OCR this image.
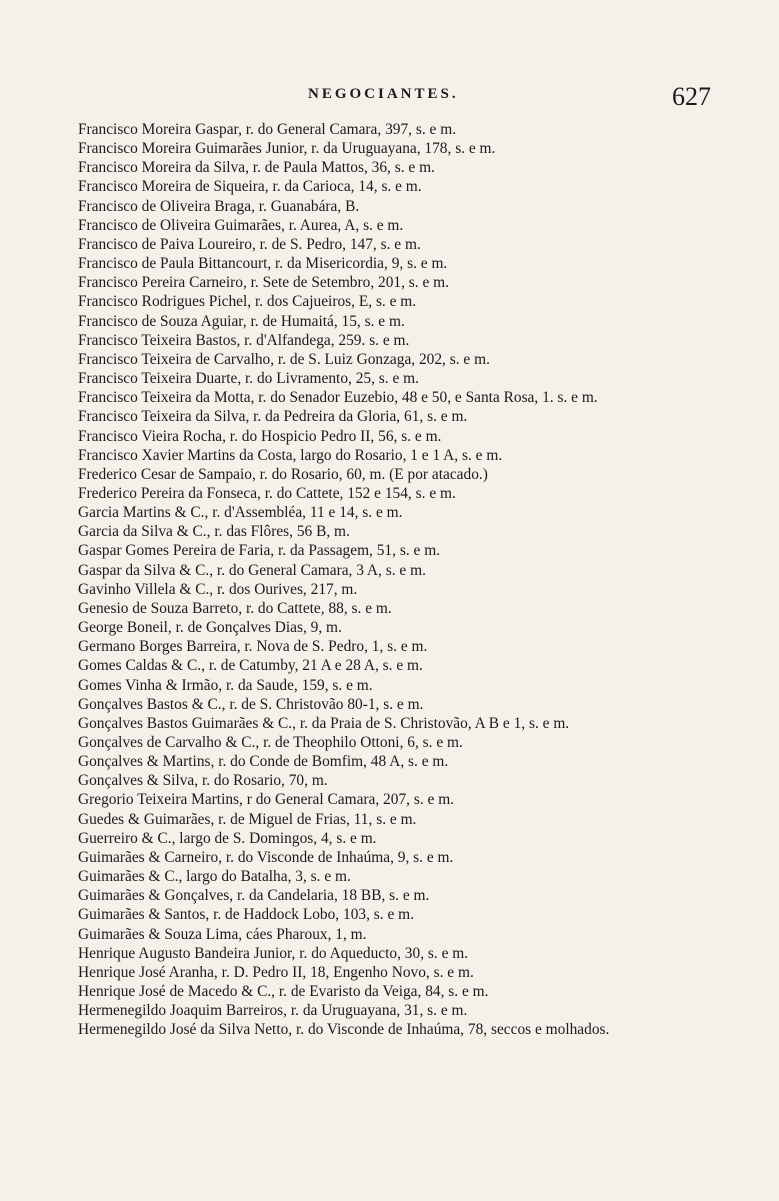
NEGOCIANTES.	627
Francisco Moreira Gaspar, r. do General Camara, 397, s. e m.
Francisco Moreira Guimarães Junior, r. da Uruguayana, 178, s. e m.
Francisco Moreira da Silva, r. de Paula Mattos, 36, s. e m.
Francisco Moreira de Siqueira, r. da Carioca, 14, s. e m.
Francisco de Oliveira Braga, r. Guanabára, B.
Francisco de Oliveira Guimarães, r. Aurea, A, s. e m.
Francisco de Paiva Loureiro, r. de S. Pedro, 147, s. e m.
Francisco de Paula Bittancourt, r. da Misericordia, 9, s. e m.
Francisco Pereira Carneiro, r. Sete de Setembro, 201, s. e m.
Francisco Rodrigues Pichel, r. dos Cajueiros, E, s. e m.
Francisco de Souza Aguiar, r. de Humaitá, 15, s. e m.
Francisco Teixeira Bastos, r. d'Alfandega, 259. s. e m.
Francisco Teixeira de Carvalho, r. de S. Luiz Gonzaga, 202, s. e m.
Francisco Teixeira Duarte, r. do Livramento, 25, s. e m.
Francisco Teixeira da Motta, r. do Senador Euzebio, 48 e 50, e Santa Rosa, 1. s. e m.
Francisco Teixeira da Silva, r. da Pedreira da Gloria, 61, s. e m.
Francisco Vieira Rocha, r. do Hospicio Pedro II, 56, s. e m.
Francisco Xavier Martins da Costa, largo do Rosario, 1 e 1 A, s. e m.
Frederico Cesar de Sampaio, r. do Rosario, 60, m. (E por atacado.)
Frederico Pereira da Fonseca, r. do Cattete, 152 e 154, s. e m.
Garcia Martins & C., r. d'Assembléa, 11 e 14, s. e m.
Garcia da Silva & C., r. das Flôres, 56 B, m.
Gaspar Gomes Pereira de Faria, r. da Passagem, 51, s. e m.
Gaspar da Silva & C., r. do General Camara, 3 A, s. e m.
Gavinho Villela & C., r. dos Ourives, 217, m.
Genesio de Souza Barreto, r. do Cattete, 88, s. e m.
George Boneil, r. de Gonçalves Dias, 9, m.
Germano Borges Barreira, r. Nova de S. Pedro, 1, s. e m.
Gomes Caldas & C., r. de Catumby, 21 A e 28 A, s. e m.
Gomes Vinha & Irmão, r. da Saude, 159, s. e m.
Gonçalves Bastos & C., r. de S. Christovão 80-1, s. e m.
Gonçalves Bastos Guimarães & C., r. da Praia de S. Christovão, A B e 1, s. e m.
Gonçalves de Carvalho & C., r. de Theophilo Ottoni, 6, s. e m.
Gonçalves & Martins, r. do Conde de Bomfim, 48 A, s. e m.
Gonçalves & Silva, r. do Rosario, 70, m.
Gregorio Teixeira Martins, r do General Camara, 207, s. e m.
Guedes & Guimarães, r. de Miguel de Frias, 11, s. e m.
Guerreiro & C., largo de S. Domingos, 4, s. e m.
Guimarães & Carneiro, r. do Visconde de Inhaúma, 9, s. e m.
Guimarães & C., largo do Batalha, 3, s. e m.
Guimarães & Gonçalves, r. da Candelaria, 18 BB, s. e m.
Guimarães & Santos, r. de Haddock Lobo, 103, s. e m.
Guimarães & Souza Lima, cáes Pharoux, 1, m.
Henrique Augusto Bandeira Junior, r. do Aqueducto, 30, s. e m.
Henrique José Aranha, r. D. Pedro II, 18, Engenho Novo, s. e m.
Henrique José de Macedo & C., r. de Evaristo da Veiga, 84, s. e m.
Hermenegildo Joaquim Barreiros, r. da Uruguayana, 31, s. e m.
Hermenegildo José da Silva Netto, r. do Visconde de Inhaúma, 78, seccos e molhados.
